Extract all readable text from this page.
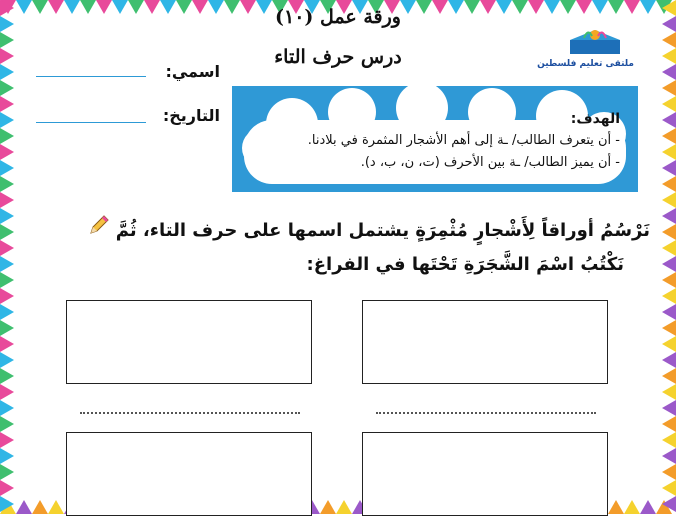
ورقة عمل (١٠)
درس حرف التاء	ملتقى تعليم فلسطين
اسمي:
التاريخ:	الهدف:
- أن يتعرف الطالب/ ـة إلى أهم الأشجار المثمرة في بلادنا.
- أن يميز الطالب/ ـة بين الأحرف (ت، ن، ب، د).
نَرْسُمُ أوراقاً لِأَشْجارٍ مُثْمِرَةٍ يشتمل اسمها على حرف التاء، ثُمَّ
نَكْتُبُ اسْمَ الشَّجَرَةِ تَحْتَها في الفراغ:
